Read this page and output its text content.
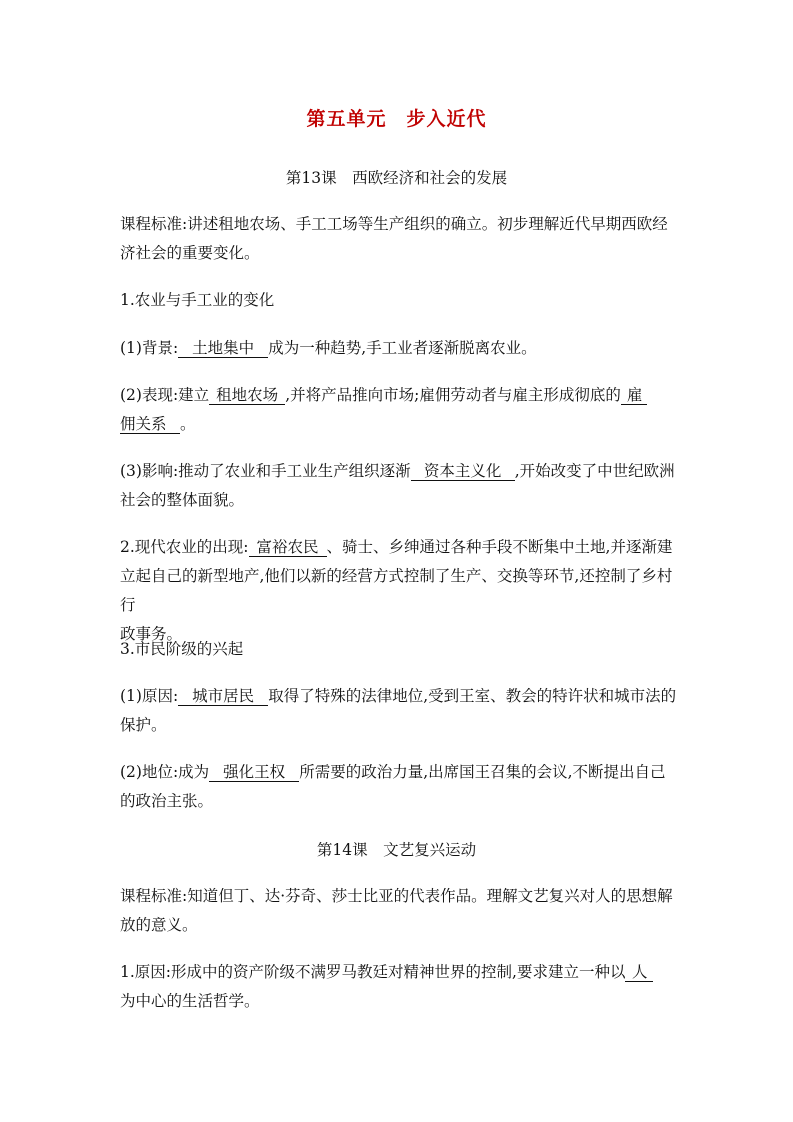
第五单元　步入近代
第13课　西欧经济和社会的发展
课程标准:讲述租地农场、手工工场等生产组织的确立。初步理解近代早期西欧经济社会的重要变化。
1.农业与手工业的变化
(1)背景: 土地集中 成为一种趋势,手工业者逐渐脱离农业。
(2)表现:建立 租地农场 ,并将产品推向市场;雇佣劳动者与雇主形成彻底的 雇
佣关系 。
(3)影响:推动了农业和手工业生产组织逐渐 资本主义化 ,开始改变了中世纪欧洲
社会的整体面貌。
2.现代农业的出现: 富裕农民 、骑士、乡绅通过各种手段不断集中土地,并逐渐建
立起自己的新型地产,他们以新的经营方式控制了生产、交换等环节,还控制了乡村行
政事务。
3.市民阶级的兴起
(1)原因: 城市居民 取得了特殊的法律地位,受到王室、教会的特许状和城市法的
保护。
(2)地位:成为 强化王权 所需要的政治力量,出席国王召集的会议,不断提出自己
的政治主张。
第14课　文艺复兴运动
课程标准:知道但丁、达·芬奇、莎士比亚的代表作品。理解文艺复兴对人的思想解放的意义。
1.原因:形成中的资产阶级不满罗马教廷对精神世界的控制,要求建立一种以 人
为中心的生活哲学。
